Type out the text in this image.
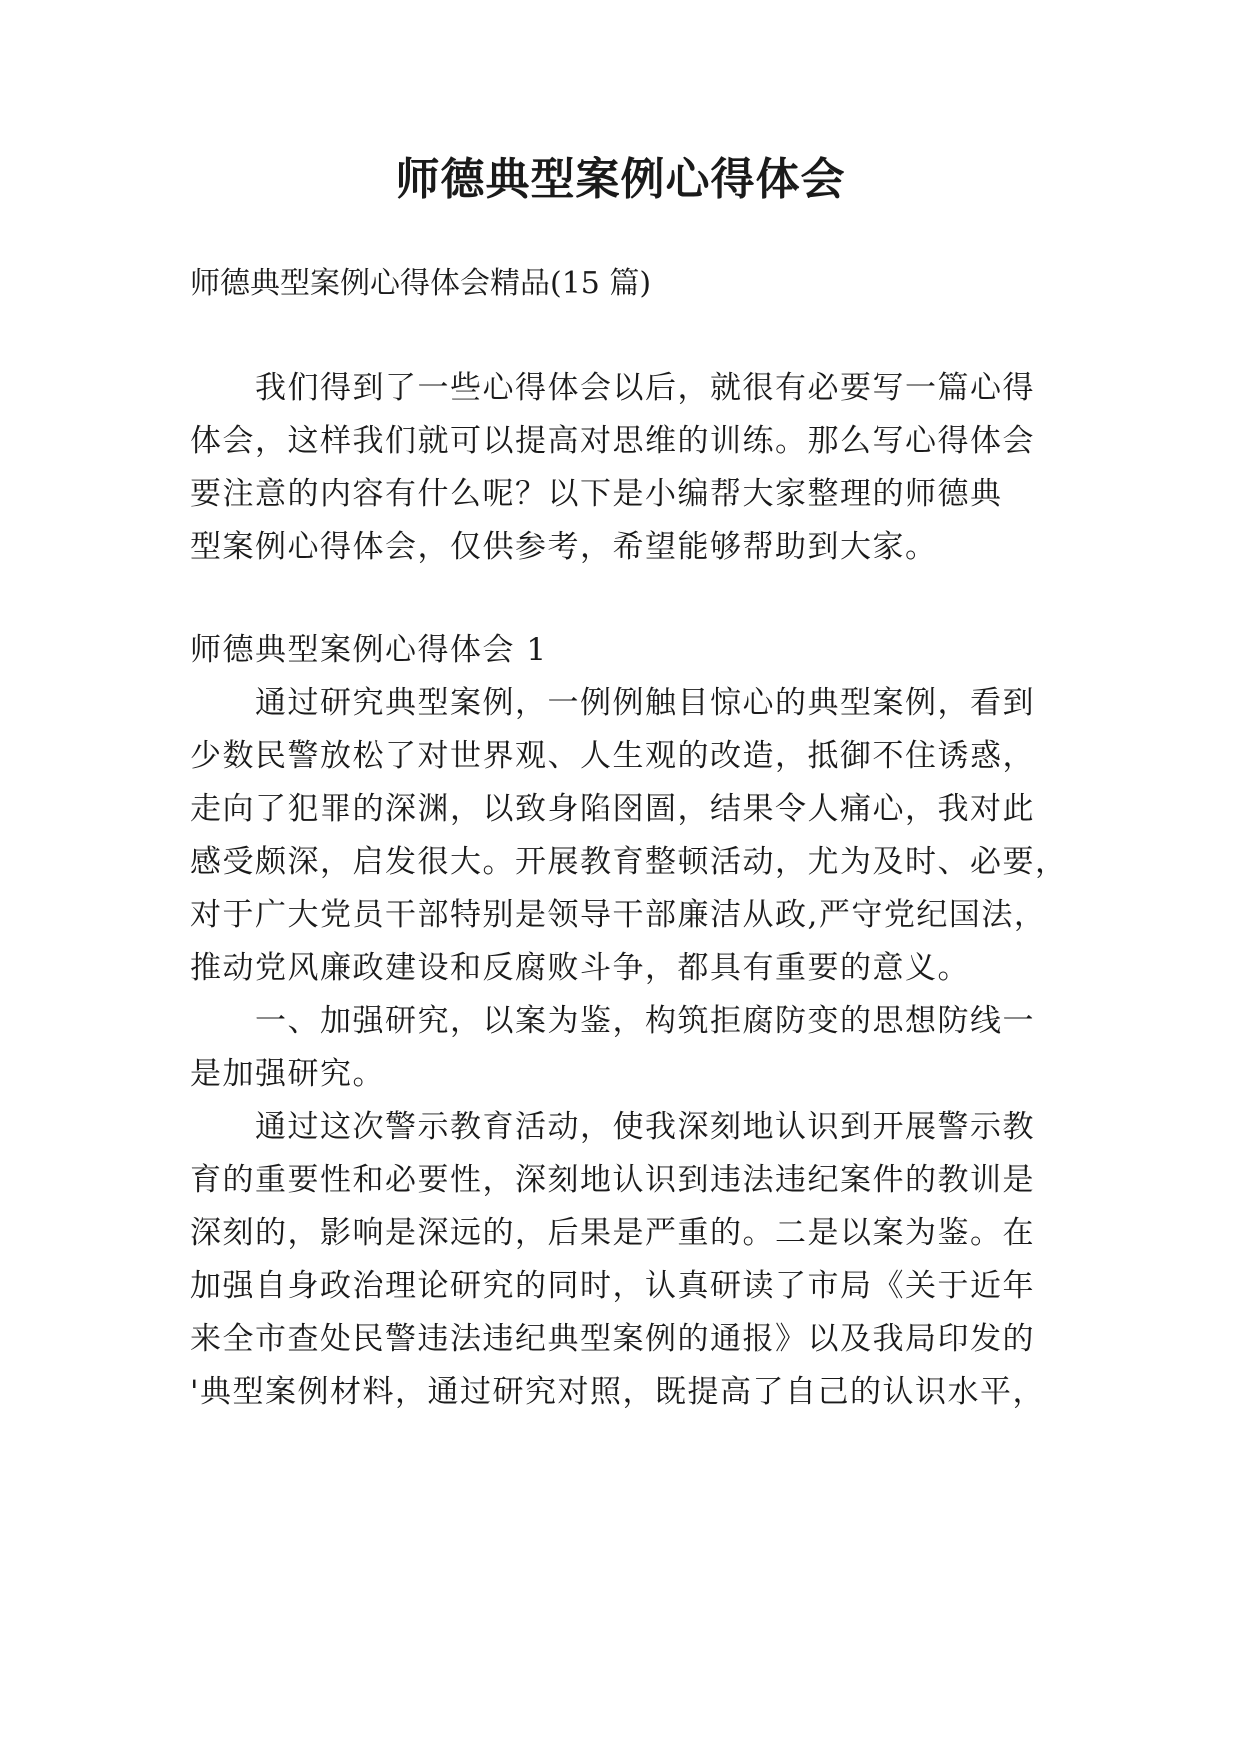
师德典型案例心得体会

师德典型案例心得体会精品(15 篇)

我们得到了一些心得体会以后，就很有必要写一篇心得

体会，这样我们就可以提高对思维的训练。那么写心得体会

要注意的内容有什么呢？以下是小编帮大家整理的师德典

型案例心得体会，仅供参考，希望能够帮助到大家。

师德典型案例心得体会 1

通过研究典型案例，一例例触目惊心的典型案例，看到

少数民警放松了对世界观、人生观的改造，抵御不住诱惑，

走向了犯罪的深渊，以致身陷囹圄，结果令人痛心，我对此

感受颇深，启发很大。开展教育整顿活动，尤为及时、必要，

对于广大党员干部特别是领导干部廉洁从政,严守党纪国法，

推动党风廉政建设和反腐败斗争，都具有重要的意义。

一、加强研究，以案为鉴，构筑拒腐防变的思想防线一

是加强研究。

通过这次警示教育活动，使我深刻地认识到开展警示教

育的重要性和必要性，深刻地认识到违法违纪案件的教训是

深刻的，影响是深远的，后果是严重的。二是以案为鉴。在

加强自身政治理论研究的同时，认真研读了市局《关于近年

来全市查处民警违法违纪典型案例的通报》以及我局印发的

'典型案例材料，通过研究对照，既提高了自己的认识水平，
